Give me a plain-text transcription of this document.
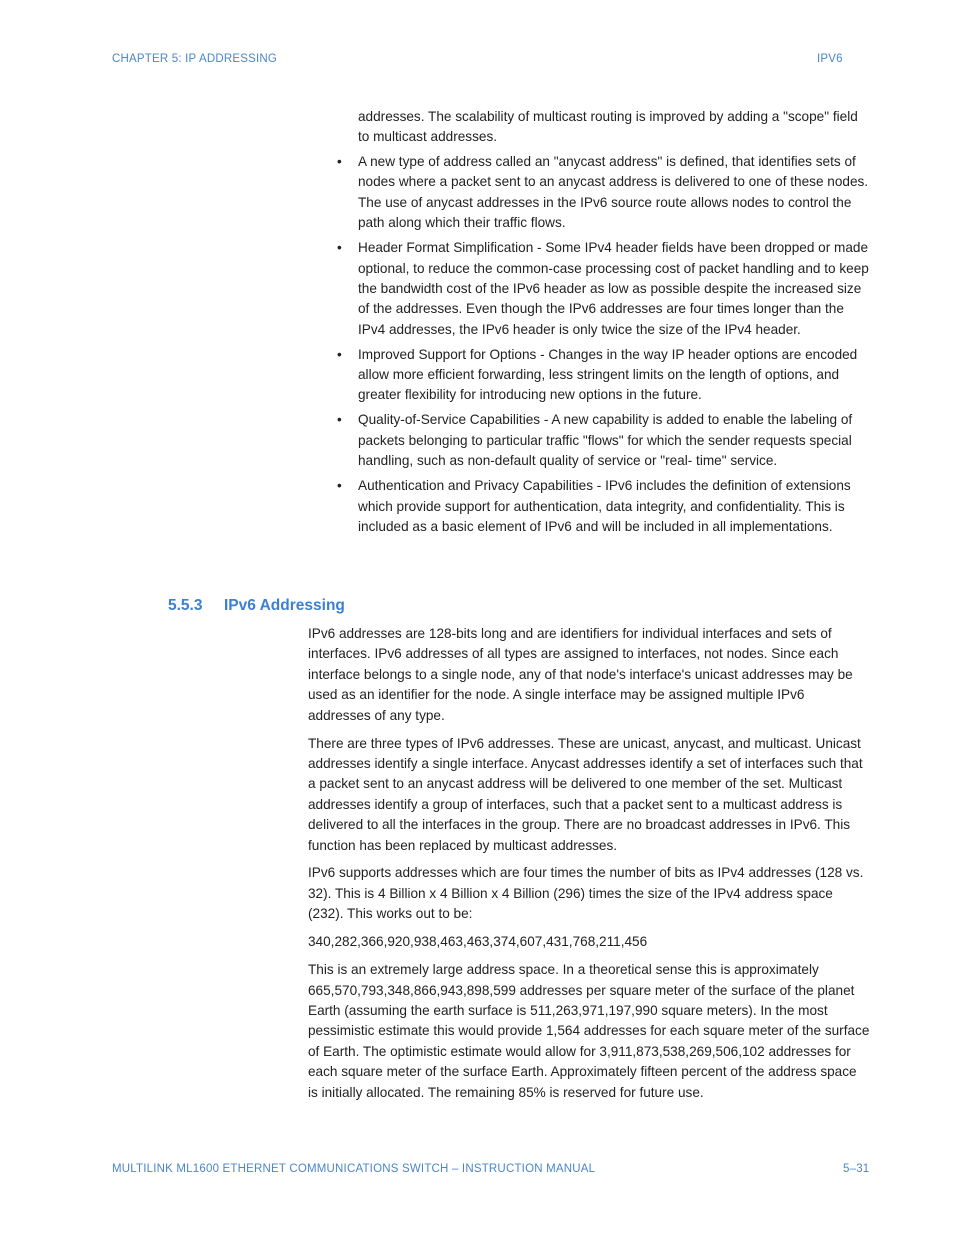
CHAPTER 5: IP ADDRESSING	IPV6

addresses. The scalability of multicast routing is improved by adding a "scope" field to multicast addresses.

• A new type of address called an "anycast address" is defined, that identifies sets of nodes where a packet sent to an anycast address is delivered to one of these nodes. The use of anycast addresses in the IPv6 source route allows nodes to control the path along which their traffic flows.
• Header Format Simplification - Some IPv4 header fields have been dropped or made optional, to reduce the common-case processing cost of packet handling and to keep the bandwidth cost of the IPv6 header as low as possible despite the increased size of the addresses. Even though the IPv6 addresses are four times longer than the IPv4 addresses, the IPv6 header is only twice the size of the IPv4 header.
• Improved Support for Options - Changes in the way IP header options are encoded allow more efficient forwarding, less stringent limits on the length of options, and greater flexibility for introducing new options in the future.
• Quality-of-Service Capabilities - A new capability is added to enable the labeling of packets belonging to particular traffic "flows" for which the sender requests special handling, such as non-default quality of service or "real- time" service.
• Authentication and Privacy Capabilities - IPv6 includes the definition of extensions which provide support for authentication, data integrity, and confidentiality. This is included as a basic element of IPv6 and will be included in all implementations.
5.5.3 IPv6 Addressing

IPv6 addresses are 128-bits long and are identifiers for individual interfaces and sets of interfaces. IPv6 addresses of all types are assigned to interfaces, not nodes. Since each interface belongs to a single node, any of that node's interface's unicast addresses may be used as an identifier for the node. A single interface may be assigned multiple IPv6 addresses of any type.

There are three types of IPv6 addresses. These are unicast, anycast, and multicast. Unicast addresses identify a single interface. Anycast addresses identify a set of interfaces such that a packet sent to an anycast address will be delivered to one member of the set. Multicast addresses identify a group of interfaces, such that a packet sent to a multicast address is delivered to all the interfaces in the group. There are no broadcast addresses in IPv6. This function has been replaced by multicast addresses.

IPv6 supports addresses which are four times the number of bits as IPv4 addresses (128 vs. 32). This is 4 Billion x 4 Billion x 4 Billion (296) times the size of the IPv4 address space (232). This works out to be:

340,282,366,920,938,463,463,374,607,431,768,211,456

This is an extremely large address space. In a theoretical sense this is approximately 665,570,793,348,866,943,898,599 addresses per square meter of the surface of the planet Earth (assuming the earth surface is 511,263,971,197,990 square meters). In the most pessimistic estimate this would provide 1,564 addresses for each square meter of the surface of Earth. The optimistic estimate would allow for 3,911,873,538,269,506,102 addresses for each square meter of the surface Earth. Approximately fifteen percent of the address space is initially allocated. The remaining 85% is reserved for future use.

MULTILINK ML1600 ETHERNET COMMUNICATIONS SWITCH – INSTRUCTION MANUAL	5–31
